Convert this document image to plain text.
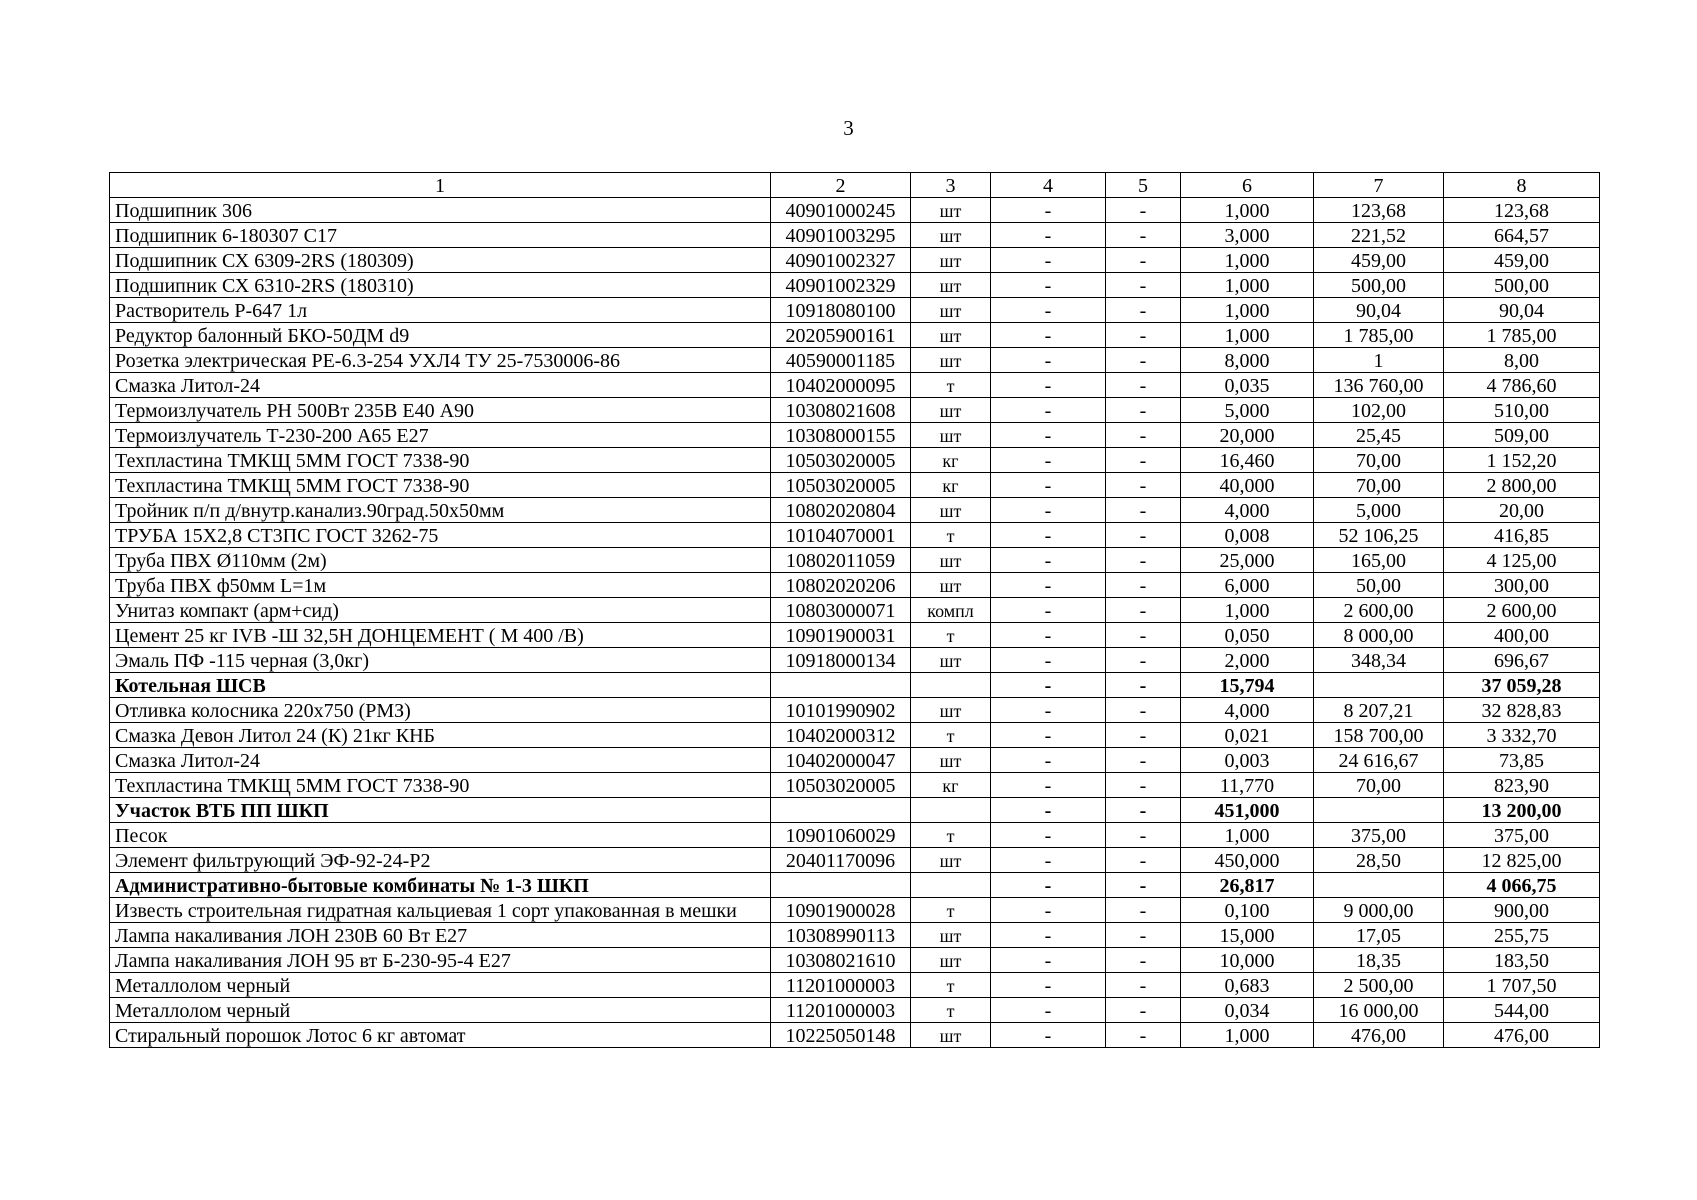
3
1	2	3	4	5	6	7	8
Подшипник 306	40901000245	шт	-	-	1,000	123,68	123,68
Подшипник 6-180307 С17	40901003295	шт	-	-	3,000	221,52	664,57
Подшипник СХ 6309-2RS (180309)	40901002327	шт	-	-	1,000	459,00	459,00
Подшипник СХ 6310-2RS (180310)	40901002329	шт	-	-	1,000	500,00	500,00
Растворитель Р-647 1л	10918080100	шт	-	-	1,000	90,04	90,04
Редуктор балонный БКО-50ДМ d9	20205900161	шт	-	-	1,000	1 785,00	1 785,00
Розетка электрическая РЕ-6.3-254 УХЛ4 ТУ 25-7530006-86	40590001185	шт	-	-	8,000	1	8,00
Смазка Литол-24	10402000095	т	-	-	0,035	136 760,00	4 786,60
Термоизлучатель РН 500Вт 235В Е40 А90	10308021608	шт	-	-	5,000	102,00	510,00
Термоизлучатель Т-230-200 А65 Е27	10308000155	шт	-	-	20,000	25,45	509,00
Техпластина ТМКЩ 5ММ ГОСТ 7338-90	10503020005	кг	-	-	16,460	70,00	1 152,20
Техпластина ТМКЩ 5ММ ГОСТ 7338-90	10503020005	кг	-	-	40,000	70,00	2 800,00
Тройник п/п д/внутр.канализ.90град.50х50мм	10802020804	шт	-	-	4,000	5,000	20,00
ТРУБА 15Х2,8 СТ3ПС ГОСТ 3262-75	10104070001	т	-	-	0,008	52 106,25	416,85
Труба ПВХ Ø110мм (2м)	10802011059	шт	-	-	25,000	165,00	4 125,00
Труба ПВХ ф50мм L=1м	10802020206	шт	-	-	6,000	50,00	300,00
Унитаз компакт (арм+сид)	10803000071	компл	-	-	1,000	2 600,00	2 600,00
Цемент 25 кг IVB -Ш 32,5Н ДОНЦЕМЕНТ ( М 400 /В)	10901900031	т	-	-	0,050	8 000,00	400,00
Эмаль ПФ -115 черная (3,0кг)	10918000134	шт	-	-	2,000	348,34	696,67
Котельная ШСВ			-	-	15,794		37 059,28
Отливка колосника 220х750 (РМЗ)	10101990902	шт	-	-	4,000	8 207,21	32 828,83
Смазка Девон Литол 24 (К) 21кг КНБ	10402000312	т	-	-	0,021	158 700,00	3 332,70
Смазка Литол-24	10402000047	шт	-	-	0,003	24 616,67	73,85
Техпластина ТМКЩ 5ММ ГОСТ 7338-90	10503020005	кг	-	-	11,770	70,00	823,90
Участок ВТБ ПП ШКП			-	-	451,000		13 200,00
Песок	10901060029	т	-	-	1,000	375,00	375,00
Элемент фильтрующий ЭФ-92-24-Р2	20401170096	шт	-	-	450,000	28,50	12 825,00
Административно-бытовые комбинаты № 1-3 ШКП			-	-	26,817		4 066,75
Известь строительная гидратная кальциевая 1 сорт упакованная в мешки	10901900028	т	-	-	0,100	9 000,00	900,00
Лампа накаливания ЛОН 230В 60 Вт Е27	10308990113	шт	-	-	15,000	17,05	255,75
Лампа накаливания ЛОН 95 вт Б-230-95-4 Е27	10308021610	шт	-	-	10,000	18,35	183,50
Металлолом черный	11201000003	т	-	-	0,683	2 500,00	1 707,50
Металлолом черный	11201000003	т	-	-	0,034	16 000,00	544,00
Стиральный порошок Лотос 6 кг автомат	10225050148	шт	-	-	1,000	476,00	476,00
